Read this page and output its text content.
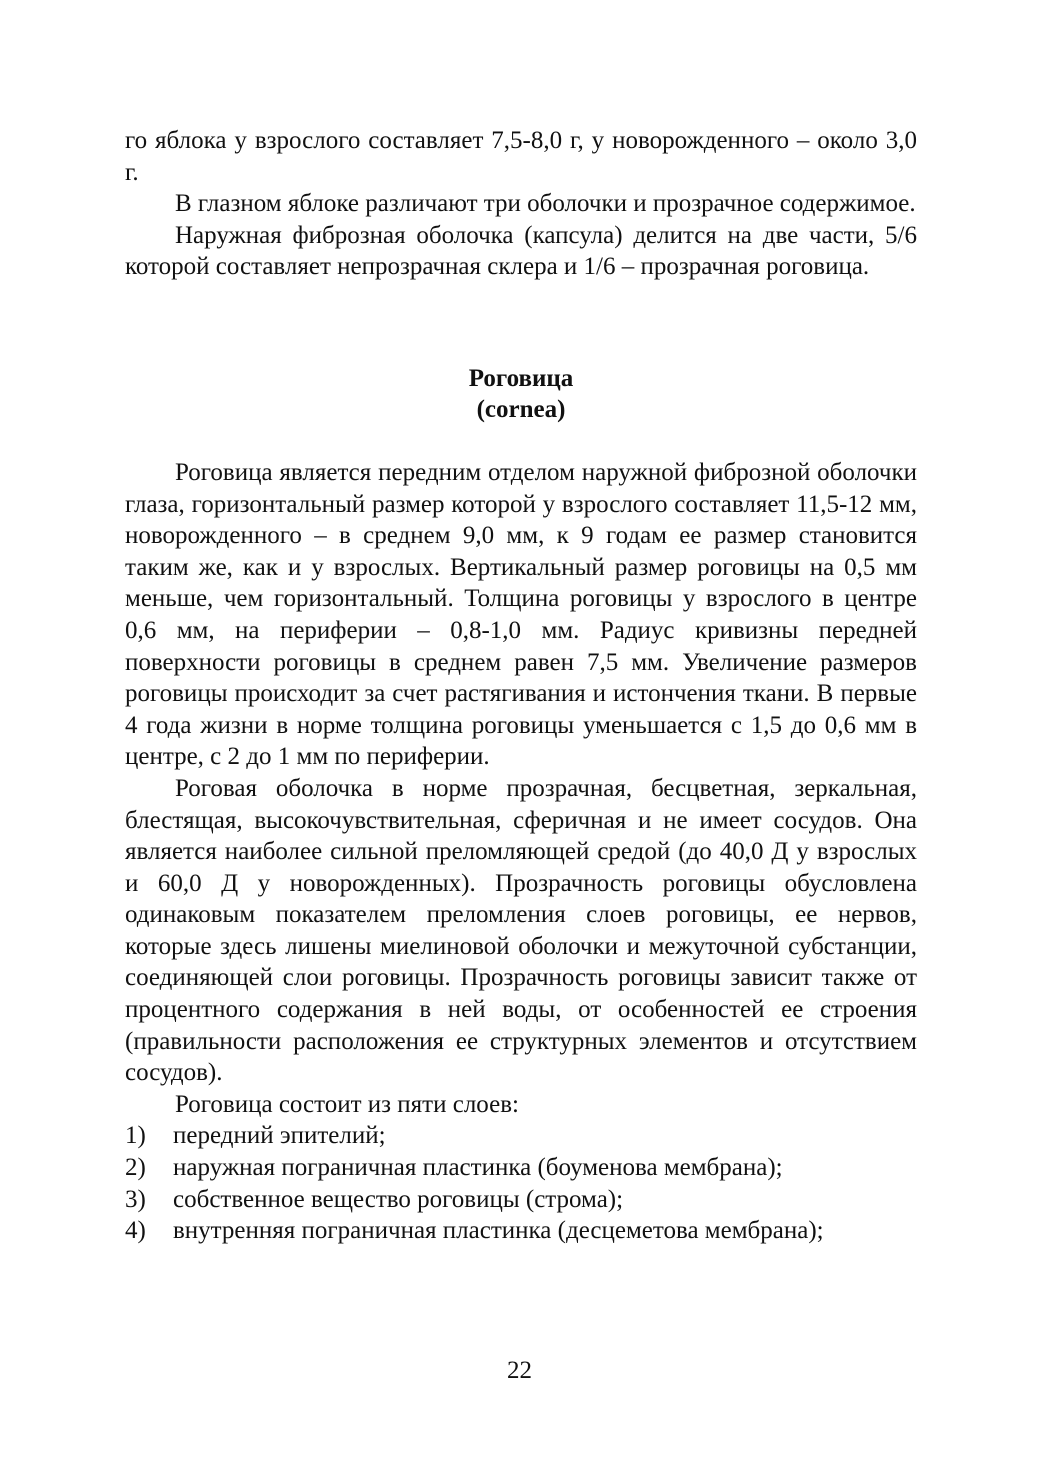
го яблока у взрослого составляет 7,5-8,0 г, у новорожденного – около 3,0 г.

В глазном яблоке различают три оболочки и прозрачное содержимое.

Наружная фиброзная оболочка (капсула) делится на две части, 5/6 которой составляет непрозрачная склера и 1/6 – прозрачная роговица.

Роговица

(cornea)

Роговица является передним отделом наружной фиброзной оболочки глаза, горизонтальный размер которой у взрослого составляет 11,5-12 мм, новорожденного – в среднем 9,0 мм, к 9 годам ее размер становится таким же, как и у взрослых. Вертикальный размер роговицы на 0,5 мм меньше, чем горизонтальный. Толщина роговицы у взрослого в центре 0,6 мм, на периферии – 0,8-1,0 мм. Радиус кривизны передней поверхности роговицы в среднем равен 7,5 мм. Увеличение размеров роговицы происходит за счет растягивания и истончения ткани. В первые 4 года жизни в норме толщина роговицы уменьшается с 1,5 до 0,6 мм в центре, с 2 до 1 мм по периферии.

Роговая оболочка в норме прозрачная, бесцветная, зеркальная, блестящая, высокочувствительная, сферичная и не имеет сосудов. Она является наиболее сильной преломляющей средой (до 40,0 Д у взрослых и 60,0 Д у новорожденных). Прозрачность роговицы обусловлена одинаковым показателем преломления слоев роговицы, ее нервов, которые здесь лишены миелиновой оболочки и межуточной субстанции, соединяющей слои роговицы. Прозрачность роговицы зависит также от процентного содержания в ней воды, от особенностей ее строения (правильности расположения ее структурных элементов и отсутствием сосудов).

Роговица состоит из пяти слоев:

1)	передний эпителий;
2)	наружная пограничная пластинка (боуменова мембрана);
3)	собственное вещество роговицы (строма);
4)	внутренняя пограничная пластинка (десцеметова мембрана);
22
